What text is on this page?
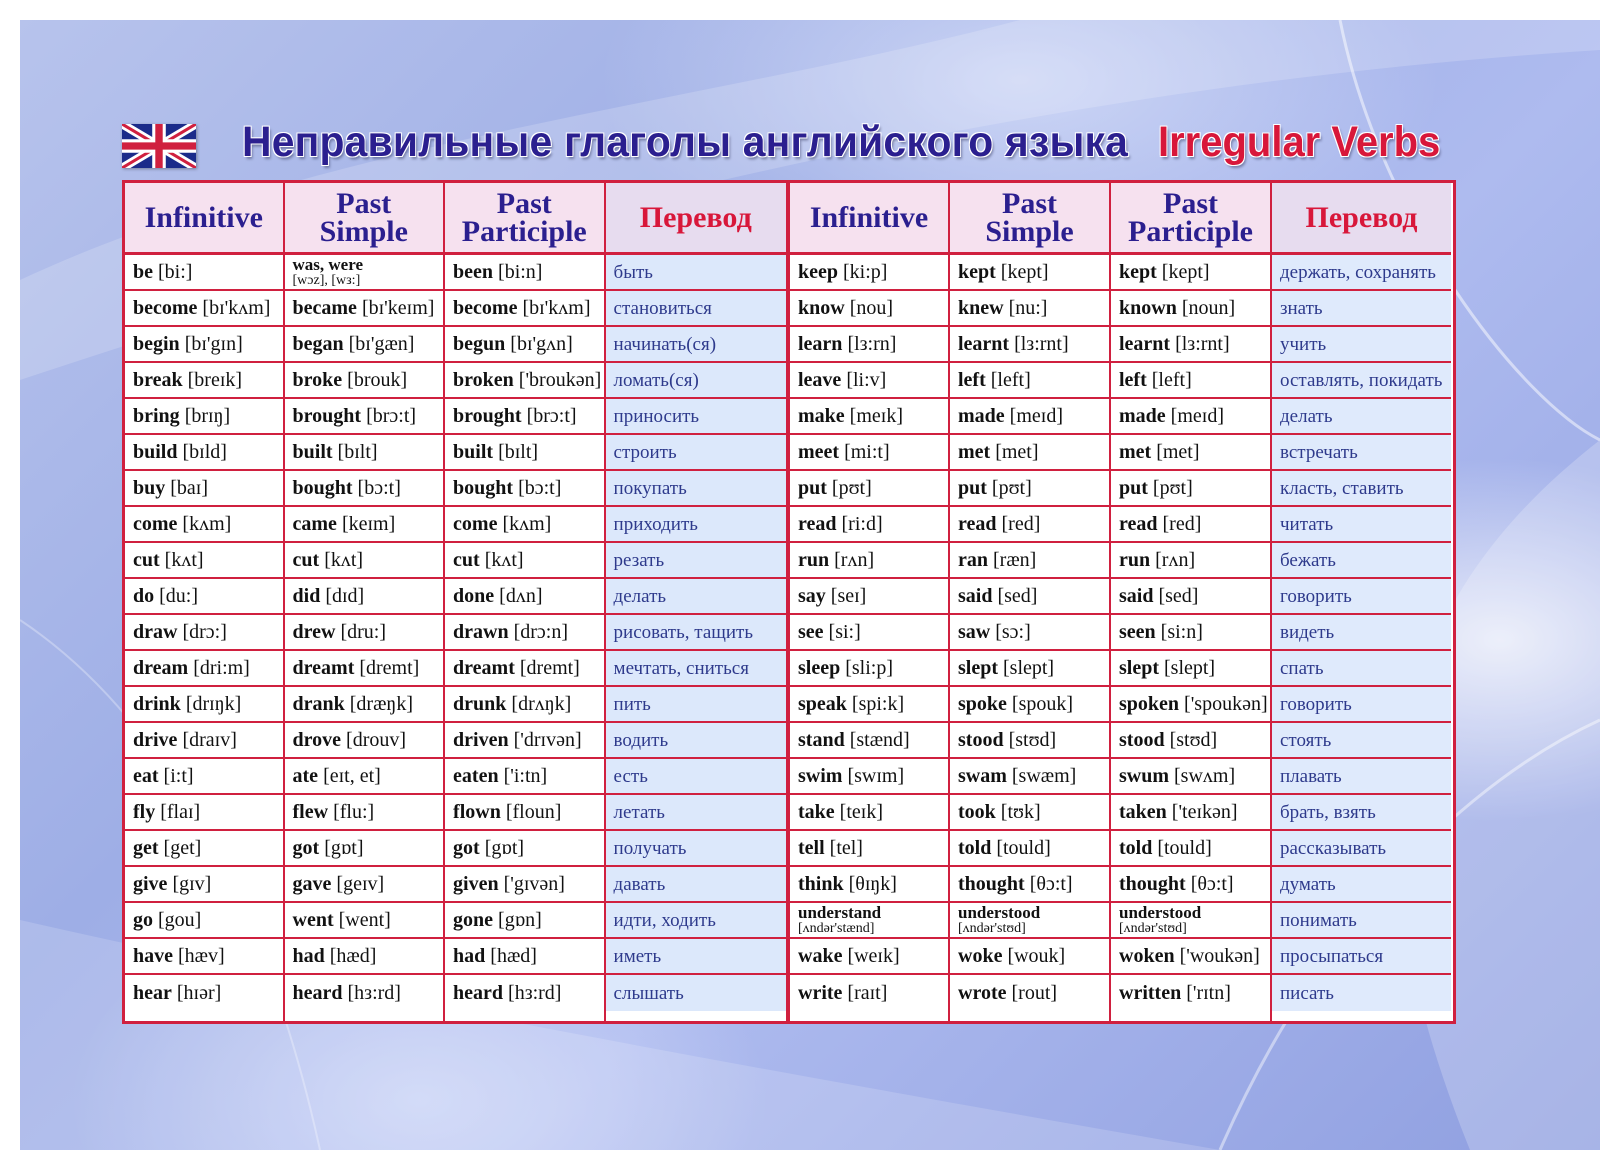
Неправильные глаголы английского языка Irregular Verbs
Infinitive
be [bi:]
become [bɪ'kʌm]
begin [bɪ'gɪn]
break [breɪk]
bring [brɪŋ]
build [bɪld]
buy [baɪ]
come [kʌm]
cut [kʌt]
do [du:]
draw [drɔ:]
dream [dri:m]
drink [drɪŋk]
drive [draɪv]
eat [i:t]
fly [flaɪ]
get [get]
give [gɪv]
go [gou]
have [hæv]
hear [hɪər]
Past Simple
was, were
[wɔz], [wз:]
became [bɪ'keɪm]
began [bɪ'gæn]
broke [brouk]
brought [brɔ:t]
built [bɪlt]
bought [bɔ:t]
came [keɪm]
cut [kʌt]
did [dɪd]
drew [dru:]
dreamt [dremt]
drank [dræŋk]
drove [drouv]
ate [eɪt, et]
flew [flu:]
got [gɒt]
gave [geɪv]
went [went]
had [hæd]
heard [hз:rd]
Past Participle
been [bi:n]
become [bɪ'kʌm]
begun [bɪ'gʌn]
broken ['broukən]
brought [brɔ:t]
built [bɪlt]
bought [bɔ:t]
come [kʌm]
cut [kʌt]
done [dʌn]
drawn [drɔ:n]
dreamt [dremt]
drunk [drʌŋk]
driven ['drɪvən]
eaten ['i:tn]
flown [floun]
got [gɒt]
given ['gɪvən]
gone [gɒn]
had [hæd]
heard [hз:rd]
Перевод
быть
становиться
начинать(ся)
ломать(ся)
приносить
строить
покупать
приходить
резать
делать
рисовать, тащить
мечтать, сниться
пить
водить
есть
летать
получать
давать
идти, ходить
иметь
слышать
Infinitive
keep [ki:p]
know [nou]
learn [lз:rn]
leave [li:v]
make [meɪk]
meet [mi:t]
put [pʊt]
read [ri:d]
run [rʌn]
say [seɪ]
see [si:]
sleep [sli:p]
speak [spi:k]
stand [stænd]
swim [swɪm]
take [teɪk]
tell [tel]
think [θɪŋk]
understand
[ʌndər'stænd]
wake [weɪk]
write [raɪt]
Past Simple
kept [kept]
knew [nu:]
learnt [lз:rnt]
left [left]
made [meɪd]
met [met]
put [pʊt]
read [red]
ran [ræn]
said [sed]
saw [sɔ:]
slept [slept]
spoke [spouk]
stood [stʊd]
swam [swæm]
took [tʊk]
told [tould]
thought [θɔ:t]
understood
[ʌndər'stʊd]
woke [wouk]
wrote [rout]
Past Participle
kept [kept]
known [noun]
learnt [lз:rnt]
left [left]
made [meɪd]
met [met]
put [pʊt]
read [red]
run [rʌn]
said [sed]
seen [si:n]
slept [slept]
spoken ['spoukən]
stood [stʊd]
swum [swʌm]
taken ['teɪkən]
told [tould]
thought [θɔ:t]
understood
[ʌndər'stʊd]
woken ['woukən]
written ['rɪtn]
Перевод
держать, сохранять
знать
учить
оставлять, покидать
делать
встречать
класть, ставить
читать
бежать
говорить
видеть
спать
говорить
стоять
плавать
брать, взять
рассказывать
думать
понимать
просыпаться
писать
